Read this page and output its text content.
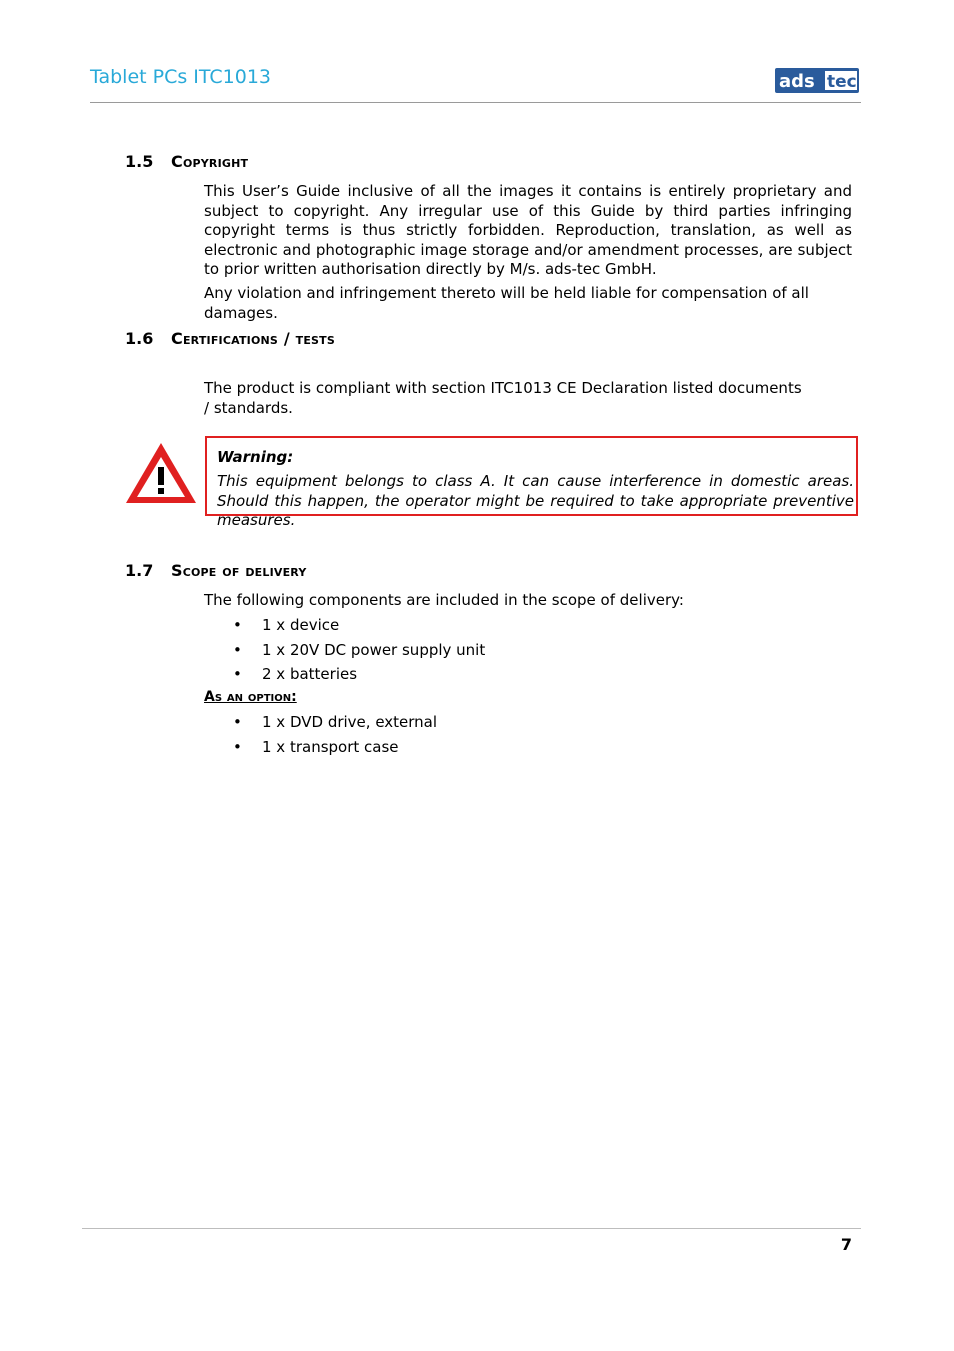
Tablet PCs ITC1013	ads tec
1.5 Copyright
This User’s Guide inclusive of all the images it contains is entirely proprietary and subject to copyright. Any irregular use of this Guide by third parties infringing copyright terms is thus strictly forbidden. Reproduction, translation, as well as electronic and photographic image storage and/or amendment processes, are subject to prior written authorisation directly by M/s. ads-tec GmbH.
Any violation and infringement thereto will be held liable for compensation of all damages.
1.6 Certifications / tests
The product is compliant with section ITC1013 CE Declaration listed documents / standards.
Warning:
This equipment belongs to class A. It can cause interference in domestic areas. Should this happen, the operator might be required to take appropriate preventive measures.
1.7 Scope of delivery
The following components are included in the scope of delivery:
• 1 x device
• 1 x 20V DC power supply unit
• 2 x batteries
As an option:
• 1 x DVD drive, external
• 1 x transport case
7
